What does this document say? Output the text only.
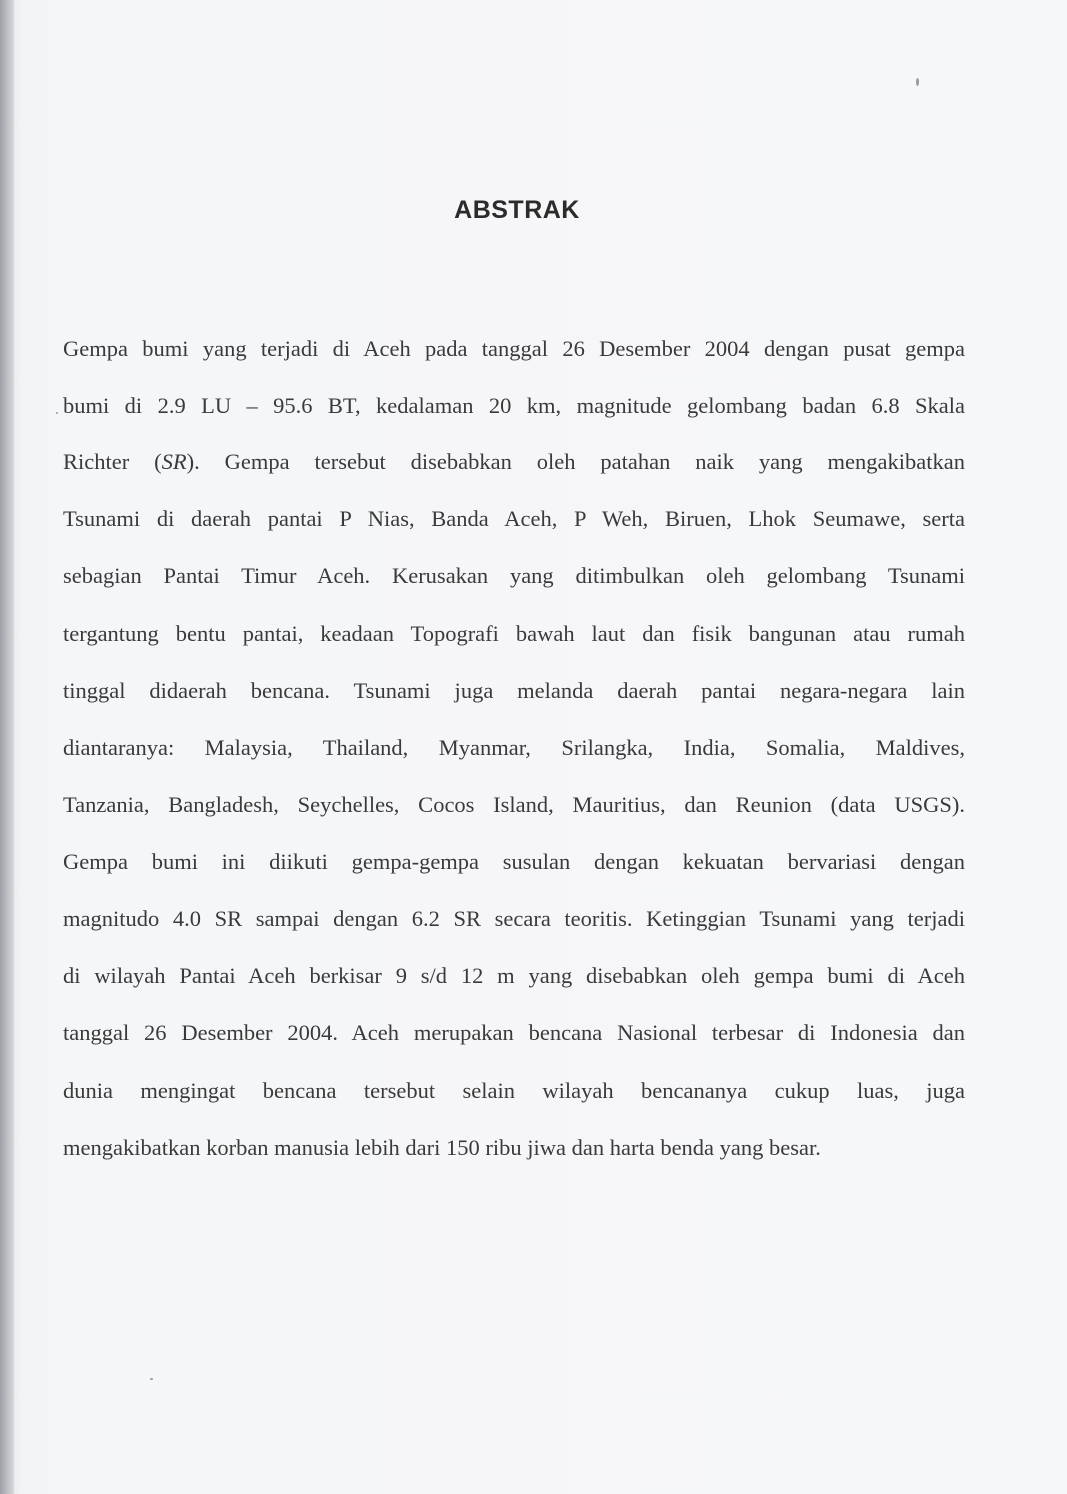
ABSTRAK
Gempa bumi yang terjadi di Aceh pada tanggal 26 Desember 2004 dengan pusat gempa
bumi di 2.9 LU – 95.6 BT, kedalaman 20 km, magnitude gelombang badan 6.8 Skala
Richter (SR). Gempa tersebut disebabkan oleh patahan naik yang mengakibatkan
Tsunami di daerah pantai P Nias, Banda Aceh, P Weh, Biruen, Lhok Seumawe, serta
sebagian Pantai Timur Aceh. Kerusakan yang ditimbulkan oleh gelombang Tsunami
tergantung bentu pantai, keadaan Topografi bawah laut dan fisik bangunan atau rumah
tinggal didaerah bencana. Tsunami juga melanda daerah pantai negara-negara lain
diantaranya: Malaysia, Thailand, Myanmar, Srilangka, India, Somalia, Maldives,
Tanzania, Bangladesh, Seychelles, Cocos Island, Mauritius, dan Reunion (data USGS).
Gempa bumi ini diikuti gempa-gempa susulan dengan kekuatan bervariasi dengan
magnitudo 4.0 SR sampai dengan 6.2 SR secara teoritis. Ketinggian Tsunami yang terjadi
di wilayah Pantai Aceh berkisar 9 s/d 12 m yang disebabkan oleh gempa bumi di Aceh
tanggal 26 Desember 2004. Aceh merupakan bencana Nasional terbesar di Indonesia dan
dunia mengingat bencana tersebut selain wilayah bencananya cukup luas, juga
mengakibatkan korban manusia lebih dari 150 ribu jiwa dan harta benda yang besar.
